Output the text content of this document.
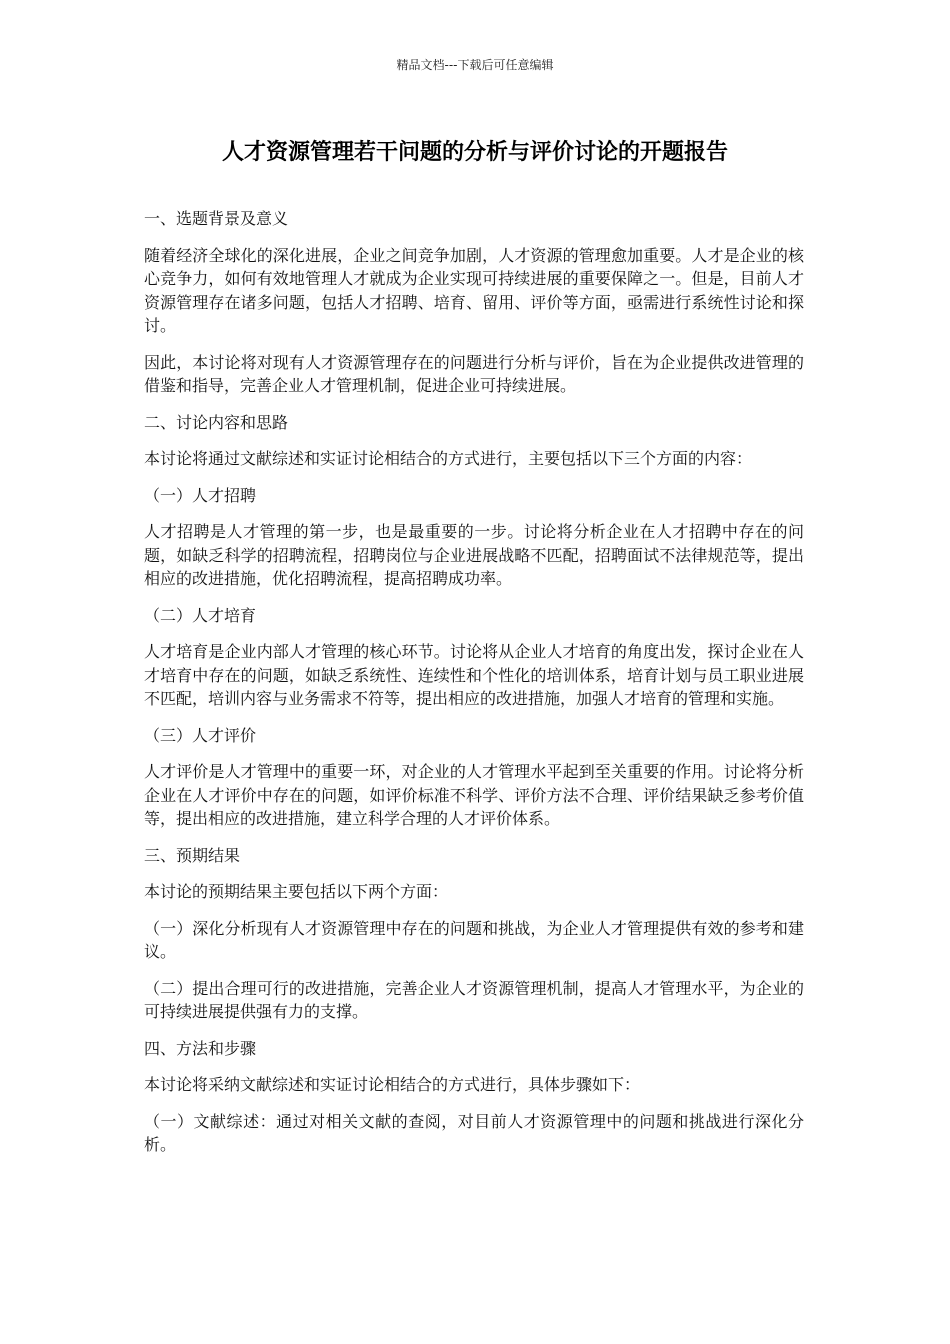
精品文档---下载后可任意编辑
人才资源管理若干问题的分析与评价讨论的开题报告

一、选题背景及意义

随着经济全球化的深化进展，企业之间竞争加剧，人才资源的管理愈加重要。人才是企业的核心竞争力，如何有效地管理人才就成为企业实现可持续进展的重要保障之一。但是，目前人才资源管理存在诸多问题，包括人才招聘、培育、留用、评价等方面，亟需进行系统性讨论和探讨。

因此，本讨论将对现有人才资源管理存在的问题进行分析与评价，旨在为企业提供改进管理的借鉴和指导，完善企业人才管理机制，促进企业可持续进展。

二、讨论内容和思路

本讨论将通过文献综述和实证讨论相结合的方式进行，主要包括以下三个方面的内容：

（一）人才招聘

人才招聘是人才管理的第一步，也是最重要的一步。讨论将分析企业在人才招聘中存在的问题，如缺乏科学的招聘流程，招聘岗位与企业进展战略不匹配，招聘面试不法律规范等，提出相应的改进措施，优化招聘流程，提高招聘成功率。

（二）人才培育

人才培育是企业内部人才管理的核心环节。讨论将从企业人才培育的角度出发，探讨企业在人才培育中存在的问题，如缺乏系统性、连续性和个性化的培训体系，培育计划与员工职业进展不匹配，培训内容与业务需求不符等，提出相应的改进措施，加强人才培育的管理和实施。

（三）人才评价

人才评价是人才管理中的重要一环，对企业的人才管理水平起到至关重要的作用。讨论将分析企业在人才评价中存在的问题，如评价标准不科学、评价方法不合理、评价结果缺乏参考价值等，提出相应的改进措施，建立科学合理的人才评价体系。

三、预期结果

本讨论的预期结果主要包括以下两个方面：

（一）深化分析现有人才资源管理中存在的问题和挑战，为企业人才管理提供有效的参考和建议。

（二）提出合理可行的改进措施，完善企业人才资源管理机制，提高人才管理水平，为企业的可持续进展提供强有力的支撑。

四、方法和步骤

本讨论将采纳文献综述和实证讨论相结合的方式进行，具体步骤如下：

（一）文献综述：通过对相关文献的查阅，对目前人才资源管理中的问题和挑战进行深化分析。
